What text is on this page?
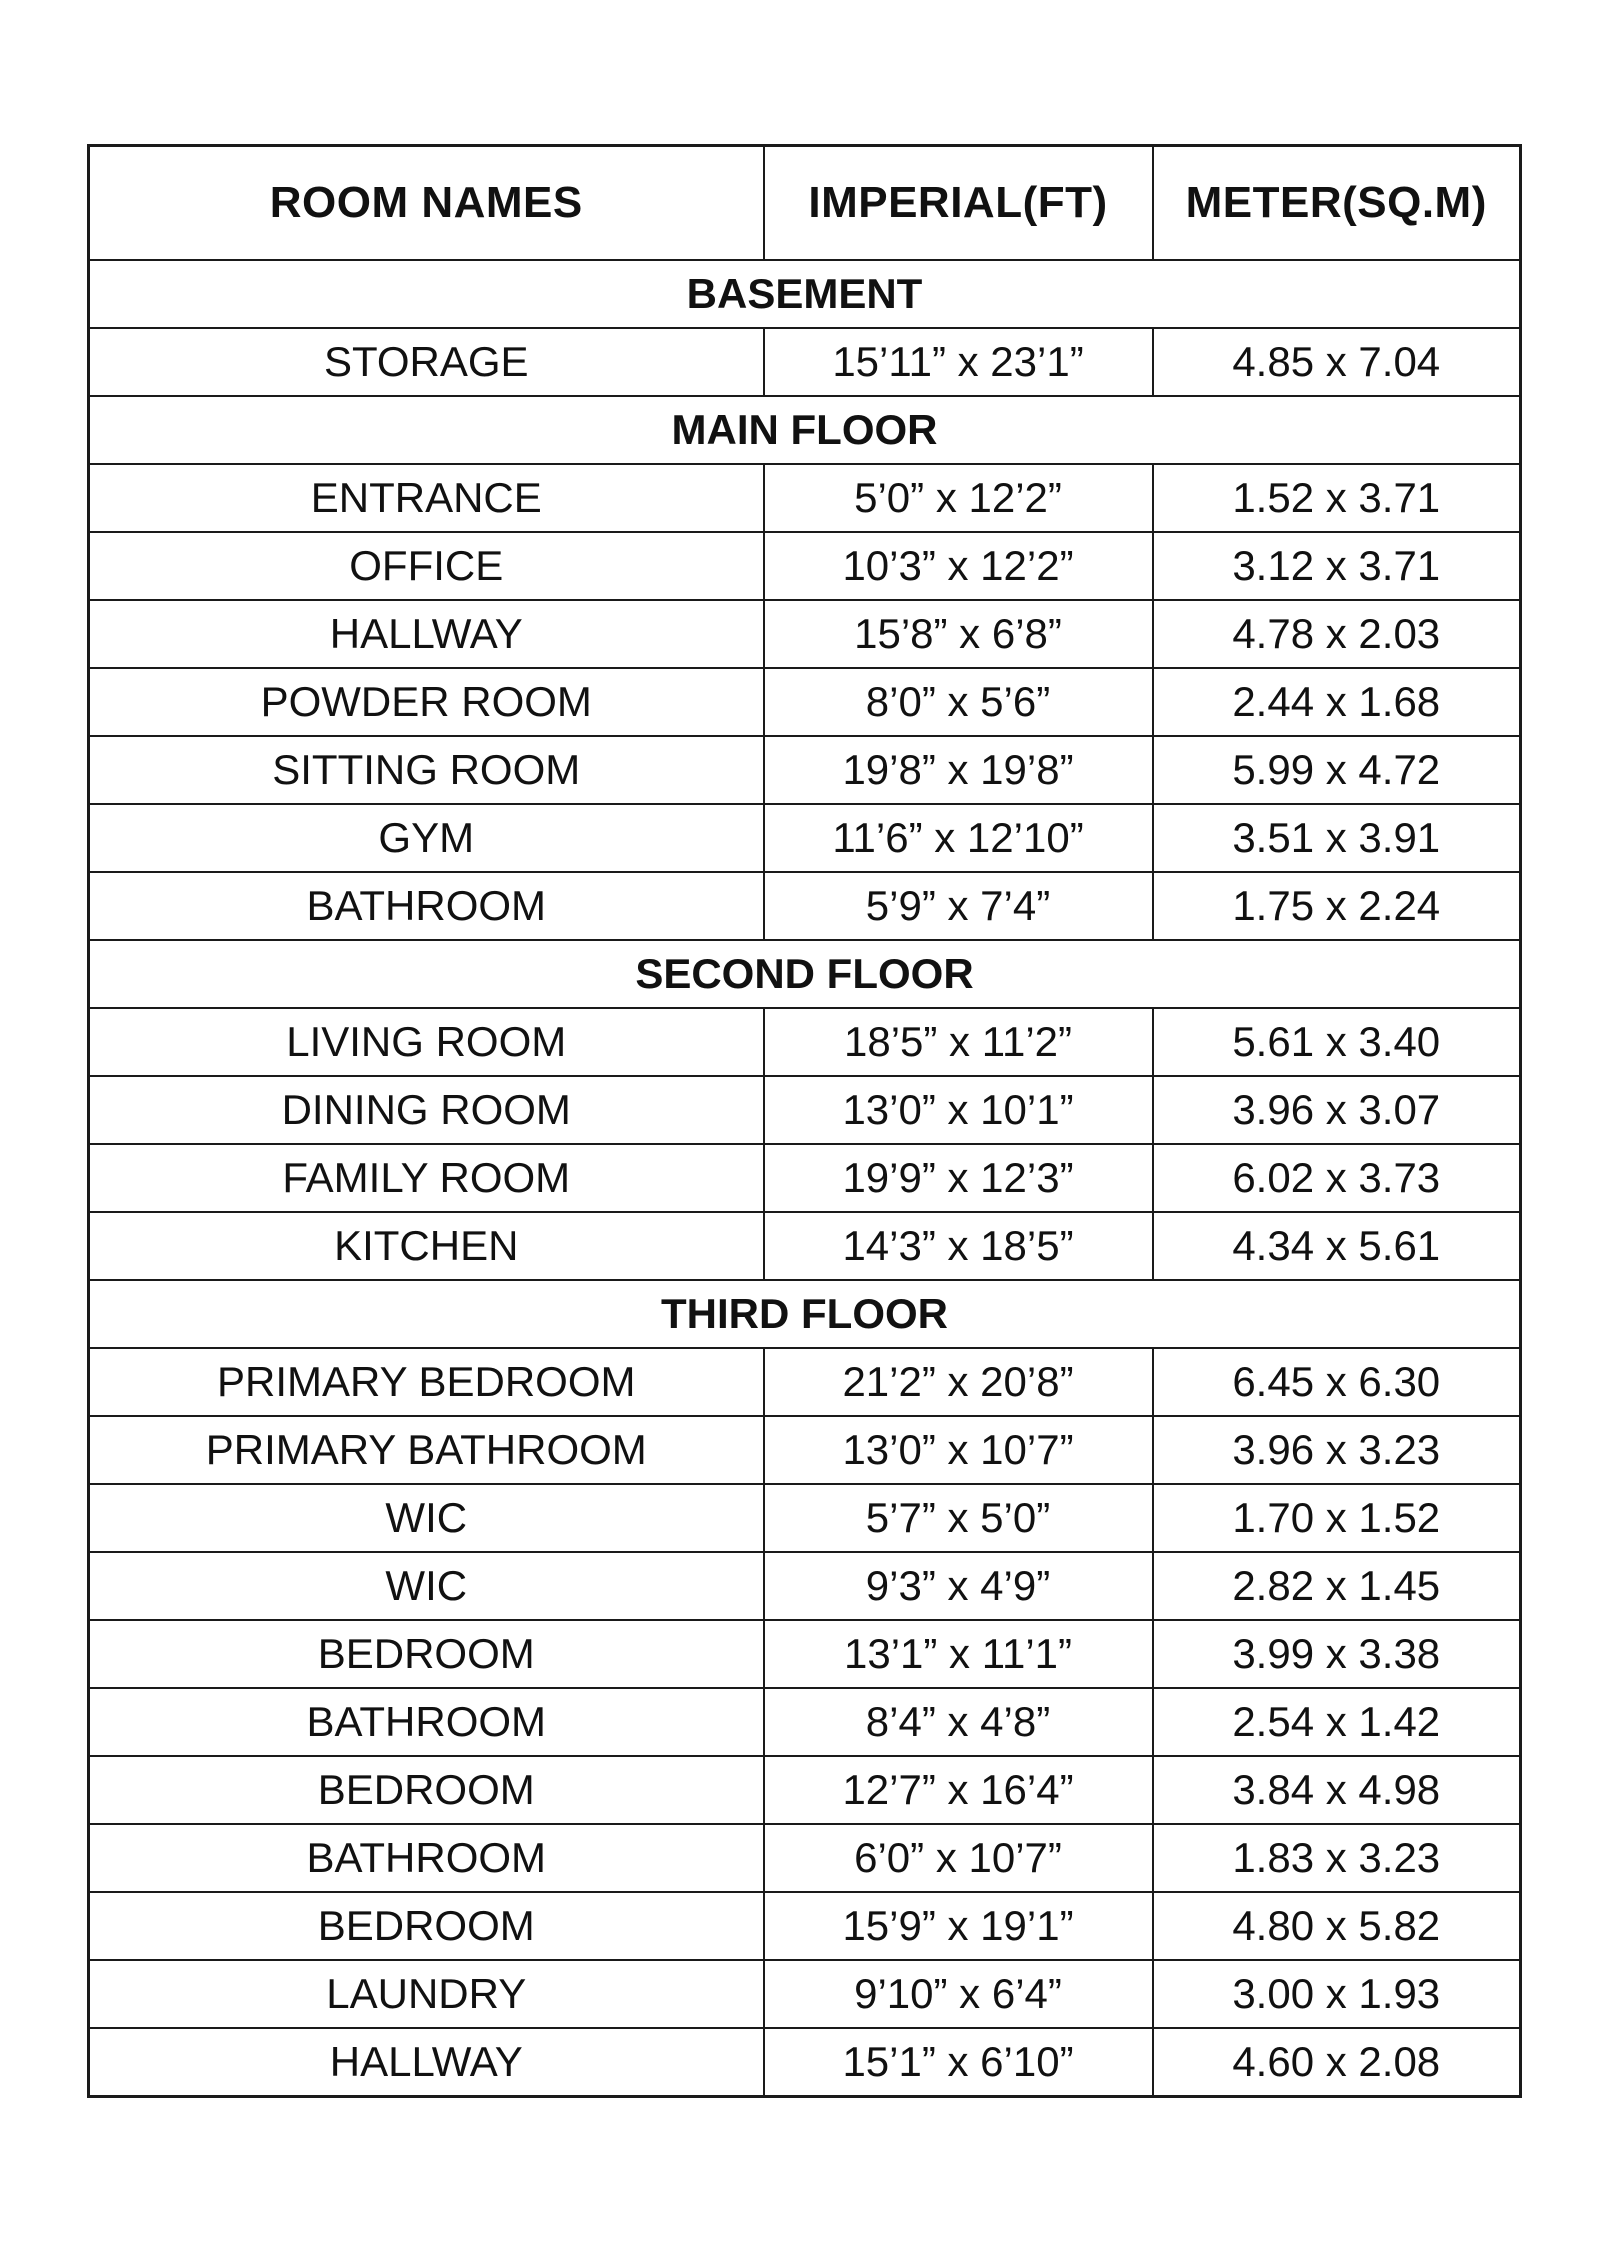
ROOM NAMES	IMPERIAL(FT)	METER(SQ.M)
BASEMENT		
STORAGE	15’11” x 23’1”	4.85 x 7.04
MAIN FLOOR		
ENTRANCE	5’0” x 12’2”	1.52 x 3.71
OFFICE	10’3” x 12’2”	3.12 x 3.71
HALLWAY	15’8” x 6’8”	4.78 x 2.03
POWDER ROOM	8’0” x 5’6”	2.44 x 1.68
SITTING ROOM	19’8” x 19’8”	5.99 x 4.72
GYM	11’6” x 12’10”	3.51 x 3.91
BATHROOM	5’9” x 7’4”	1.75 x 2.24
SECOND FLOOR		
LIVING ROOM	18’5” x 11’2”	5.61 x 3.40
DINING ROOM	13’0” x 10’1”	3.96 x 3.07
FAMILY ROOM	19’9” x 12’3”	6.02 x 3.73
KITCHEN	14’3” x 18’5”	4.34 x 5.61
THIRD FLOOR		
PRIMARY BEDROOM	21’2” x 20’8”	6.45 x 6.30
PRIMARY BATHROOM	13’0” x 10’7”	3.96 x 3.23
WIC	5’7” x 5’0”	1.70 x 1.52
WIC	9’3” x 4’9”	2.82 x 1.45
BEDROOM	13’1” x 11’1”	3.99 x 3.38
BATHROOM	8’4” x 4’8”	2.54 x 1.42
BEDROOM	12’7” x 16’4”	3.84 x 4.98
BATHROOM	6’0” x 10’7”	1.83 x 3.23
BEDROOM	15’9” x 19’1”	4.80 x 5.82
LAUNDRY	9’10” x 6’4”	3.00 x 1.93
HALLWAY	15’1” x 6’10”	4.60 x 2.08
